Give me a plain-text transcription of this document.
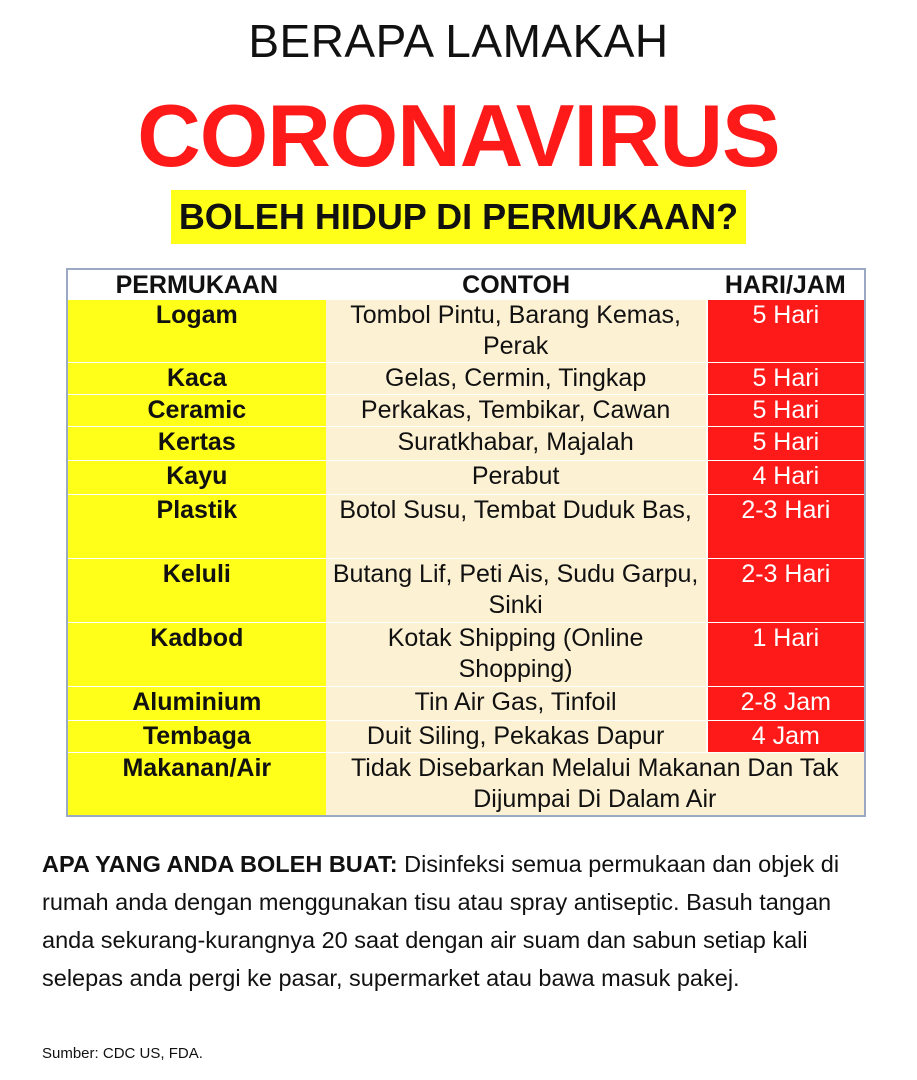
BERAPA LAMAKAH
CORONAVIRUS
BOLEH HIDUP DI PERMUKAAN?
PERMUKAAN	CONTOH	HARI/JAM
Logam	Tombol Pintu, Barang Kemas, Perak	5 Hari
Kaca	Gelas, Cermin, Tingkap	5 Hari
Ceramic	Perkakas, Tembikar, Cawan	5 Hari
Kertas	Suratkhabar, Majalah	5 Hari
Kayu	Perabut	4 Hari
Plastik	Botol Susu, Tembat Duduk Bas,	2-3 Hari
Keluli	Butang Lif, Peti Ais, Sudu Garpu, Sinki	2-3 Hari
Kadbod	Kotak Shipping (Online Shopping)	1 Hari
Aluminium	Tin Air Gas, Tinfoil	2-8 Jam
Tembaga	Duit Siling, Pekakas Dapur	4 Jam
Makanan/Air	Tidak Disebarkan Melalui Makanan Dan Tak Dijumpai Di Dalam Air	
APA YANG ANDA BOLEH BUAT: Disinfeksi semua permukaan dan objek di rumah anda dengan menggunakan tisu atau spray antiseptic. Basuh tangan anda sekurang-kurangnya 20 saat dengan air suam dan sabun setiap kali selepas anda pergi ke pasar, supermarket atau bawa masuk pakej.
Sumber: CDC US, FDA.
